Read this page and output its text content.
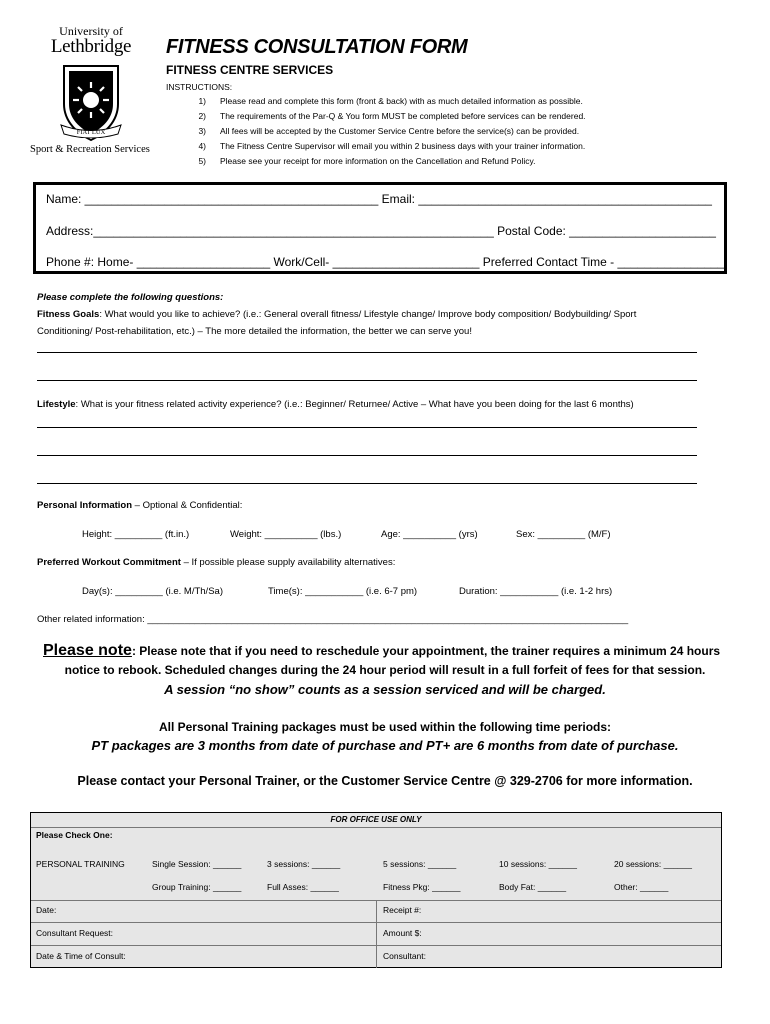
University of
Lethbridge
FIAT LUX
Sport & Recreation Services
FITNESS CONSULTATION FORM
FITNESS CENTRE SERVICES
INSTRUCTIONS:
1)	Please read and complete this form (front & back) with as much detailed information as possible.
2)	The requirements of the Par-Q & You form MUST be completed before services can be rendered.
3)	All fees will be accepted by the Customer Service Centre before the service(s) can be provided.
4)	The Fitness Centre Supervisor will email you within 2 business days with your trainer information.
5)	Please see your receipt for more information on the Cancellation and Refund Policy.
Name: ____________________________________________ Email: ____________________________________________
Address:____________________________________________________________ Postal Code: ______________________
Phone #: Home- ____________________ Work/Cell- ______________________ Preferred Contact Time - ________________
Please complete the following questions:
Fitness Goals: What would you like to achieve? (i.e.: General overall fitness/ Lifestyle change/ Improve body composition/ Bodybuilding/ Sport
Conditioning/ Post-rehabilitation, etc.) – The more detailed the information, the better we can serve you!
Lifestyle: What is your fitness related activity experience? (i.e.: Beginner/ Returnee/ Active – What have you been doing for the last 6 months)
Personal Information – Optional & Confidential:
Height: _________ (ft.in.)	Weight: __________ (lbs.)	Age: __________ (yrs)	Sex: _________ (M/F)
Preferred Workout Commitment – If possible please supply availability alternatives:
Day(s): _________ (i.e. M/Th/Sa)	Time(s): ___________ (i.e. 6-7 pm)	Duration: ___________ (i.e. 1-2 hrs)
Other related information: ___________________________________________________________________________________________
Please note: Please note that if you need to reschedule your appointment, the trainer requires a minimum 24 hours
notice to rebook. Scheduled changes during the 24 hour period will result in a full forfeit of fees for that session.
A session “no show” counts as a session serviced and will be charged.
All Personal Training packages must be used within the following time periods:
PT packages are 3 months from date of purchase and PT+ are 6 months from date of purchase.
Please contact your Personal Trainer, or the Customer Service Centre @ 329-2706 for more information.
FOR OFFICE USE ONLY
Please Check One:
PERSONAL TRAINING	Single Session: ______	3 sessions: ______	5 sessions: ______	10 sessions: ______	20 sessions: ______
Group Training: ______	Full Asses: ______	Fitness Pkg: ______	Body Fat: ______	Other: ______
Date:	Receipt #:
Consultant Request:	Amount $:
Date & Time of Consult:	Consultant:
